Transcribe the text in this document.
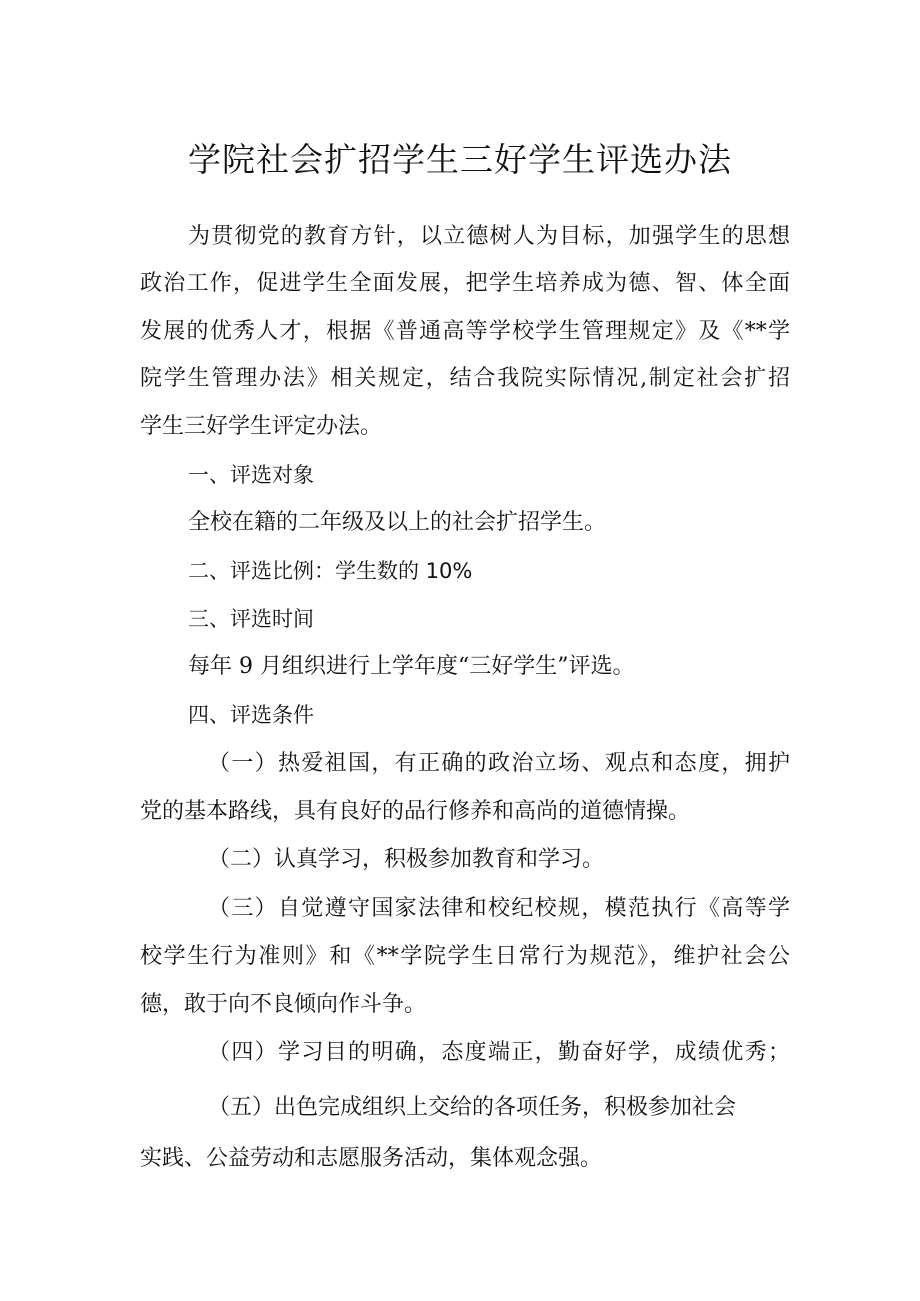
学院社会扩招学生三好学生评选办法

为贯彻党的教育方针，以立德树人为目标，加强学生的思想

政治工作，促进学生全面发展，把学生培养成为德、智、体全面

发展的优秀人才，根据《普通高等学校学生管理规定》及《**学

院学生管理办法》相关规定，结合我院实际情况,制定社会扩招

学生三好学生评定办法。

一、评选对象

全校在籍的二年级及以上的社会扩招学生。

二、评选比例：学生数的 10%

三、评选时间

每年 9 月组织进行上学年度“三好学生”评选。

四、评选条件

（一）热爱祖国，有正确的政治立场、观点和态度，拥护

党的基本路线，具有良好的品行修养和高尚的道德情操。

（二）认真学习，积极参加教育和学习。

（三）自觉遵守国家法律和校纪校规，模范执行《高等学

校学生行为准则》和《**学院学生日常行为规范》，维护社会公

德，敢于向不良倾向作斗争。

（四）学习目的明确，态度端正，勤奋好学，成绩优秀；

（五）出色完成组织上交给的各项任务，积极参加社会

实践、公益劳动和志愿服务活动，集体观念强。
